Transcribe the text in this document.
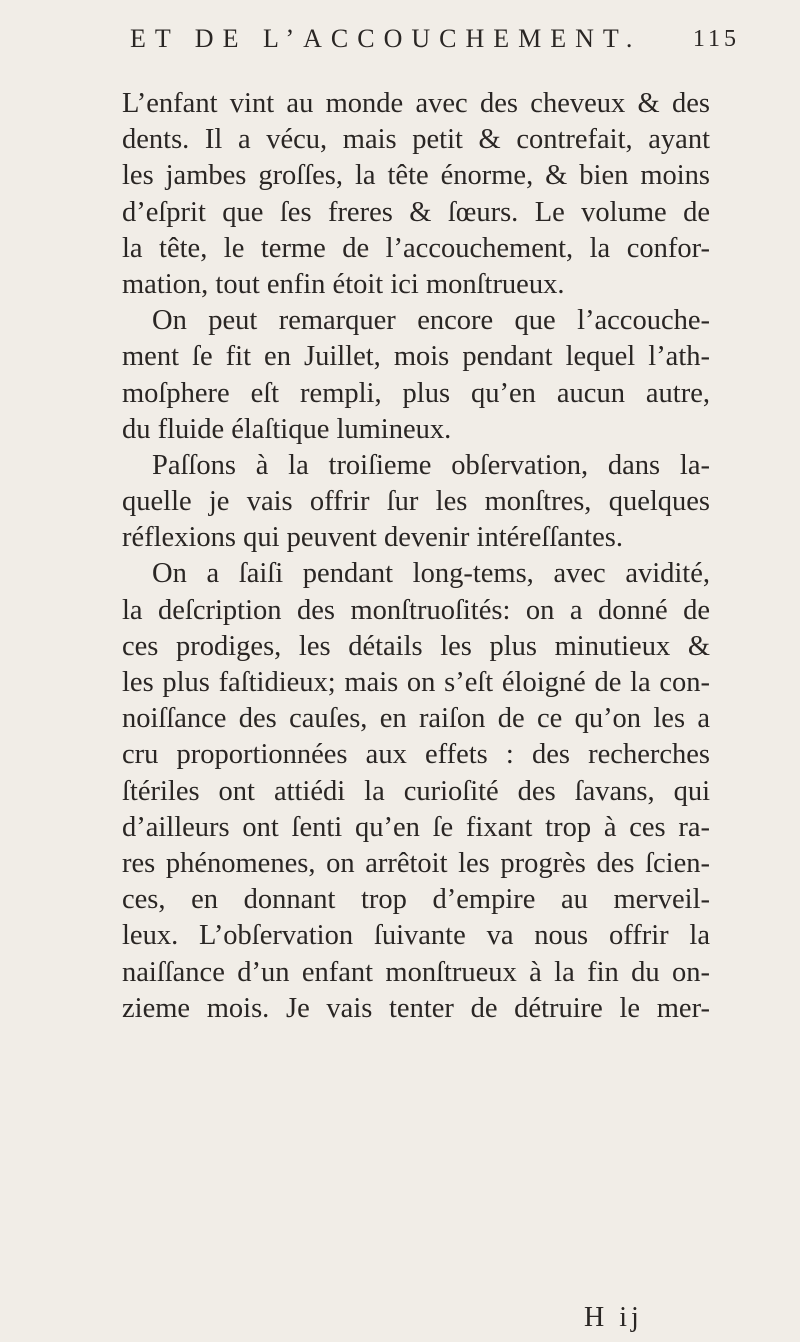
ET DE L’ACCOUCHEMENT. 115
L’enfant vint au monde avec des cheveux & des
dents. Il a vécu, mais petit & contrefait, ayant
les jambes groſſes, la tête énorme, & bien moins
d’eſprit que ſes freres & ſœurs. Le volume de
la tête, le terme de l’accouchement, la confor-
mation, tout enfin étoit ici monſtrueux.
On peut remarquer encore que l’accouche-
ment ſe fit en Juillet, mois pendant lequel l’ath-
moſphere eſt rempli, plus qu’en aucun autre,
du fluide élaſtique lumineux.
Paſſons à la troiſieme obſervation, dans la-
quelle je vais offrir ſur les monſtres, quelques
réflexions qui peuvent devenir intéreſſantes.
On a ſaiſi pendant long-tems, avec avidité,
la deſcription des monſtruoſités: on a donné de
ces prodiges, les détails les plus minutieux &
les plus faſtidieux; mais on s’eſt éloigné de la con-
noiſſance des cauſes, en raiſon de ce qu’on les a
cru proportionnées aux effets : des recherches
ſtériles ont attiédi la curioſité des ſavans, qui
d’ailleurs ont ſenti qu’en ſe fixant trop à ces ra-
res phénomenes, on arrêtoit les progrès des ſcien-
ces, en donnant trop d’empire au merveil-
leux. L’obſervation ſuivante va nous offrir la
naiſſance d’un enfant monſtrueux à la fin du on-
zieme mois. Je vais tenter de détruire le mer-
H ij
